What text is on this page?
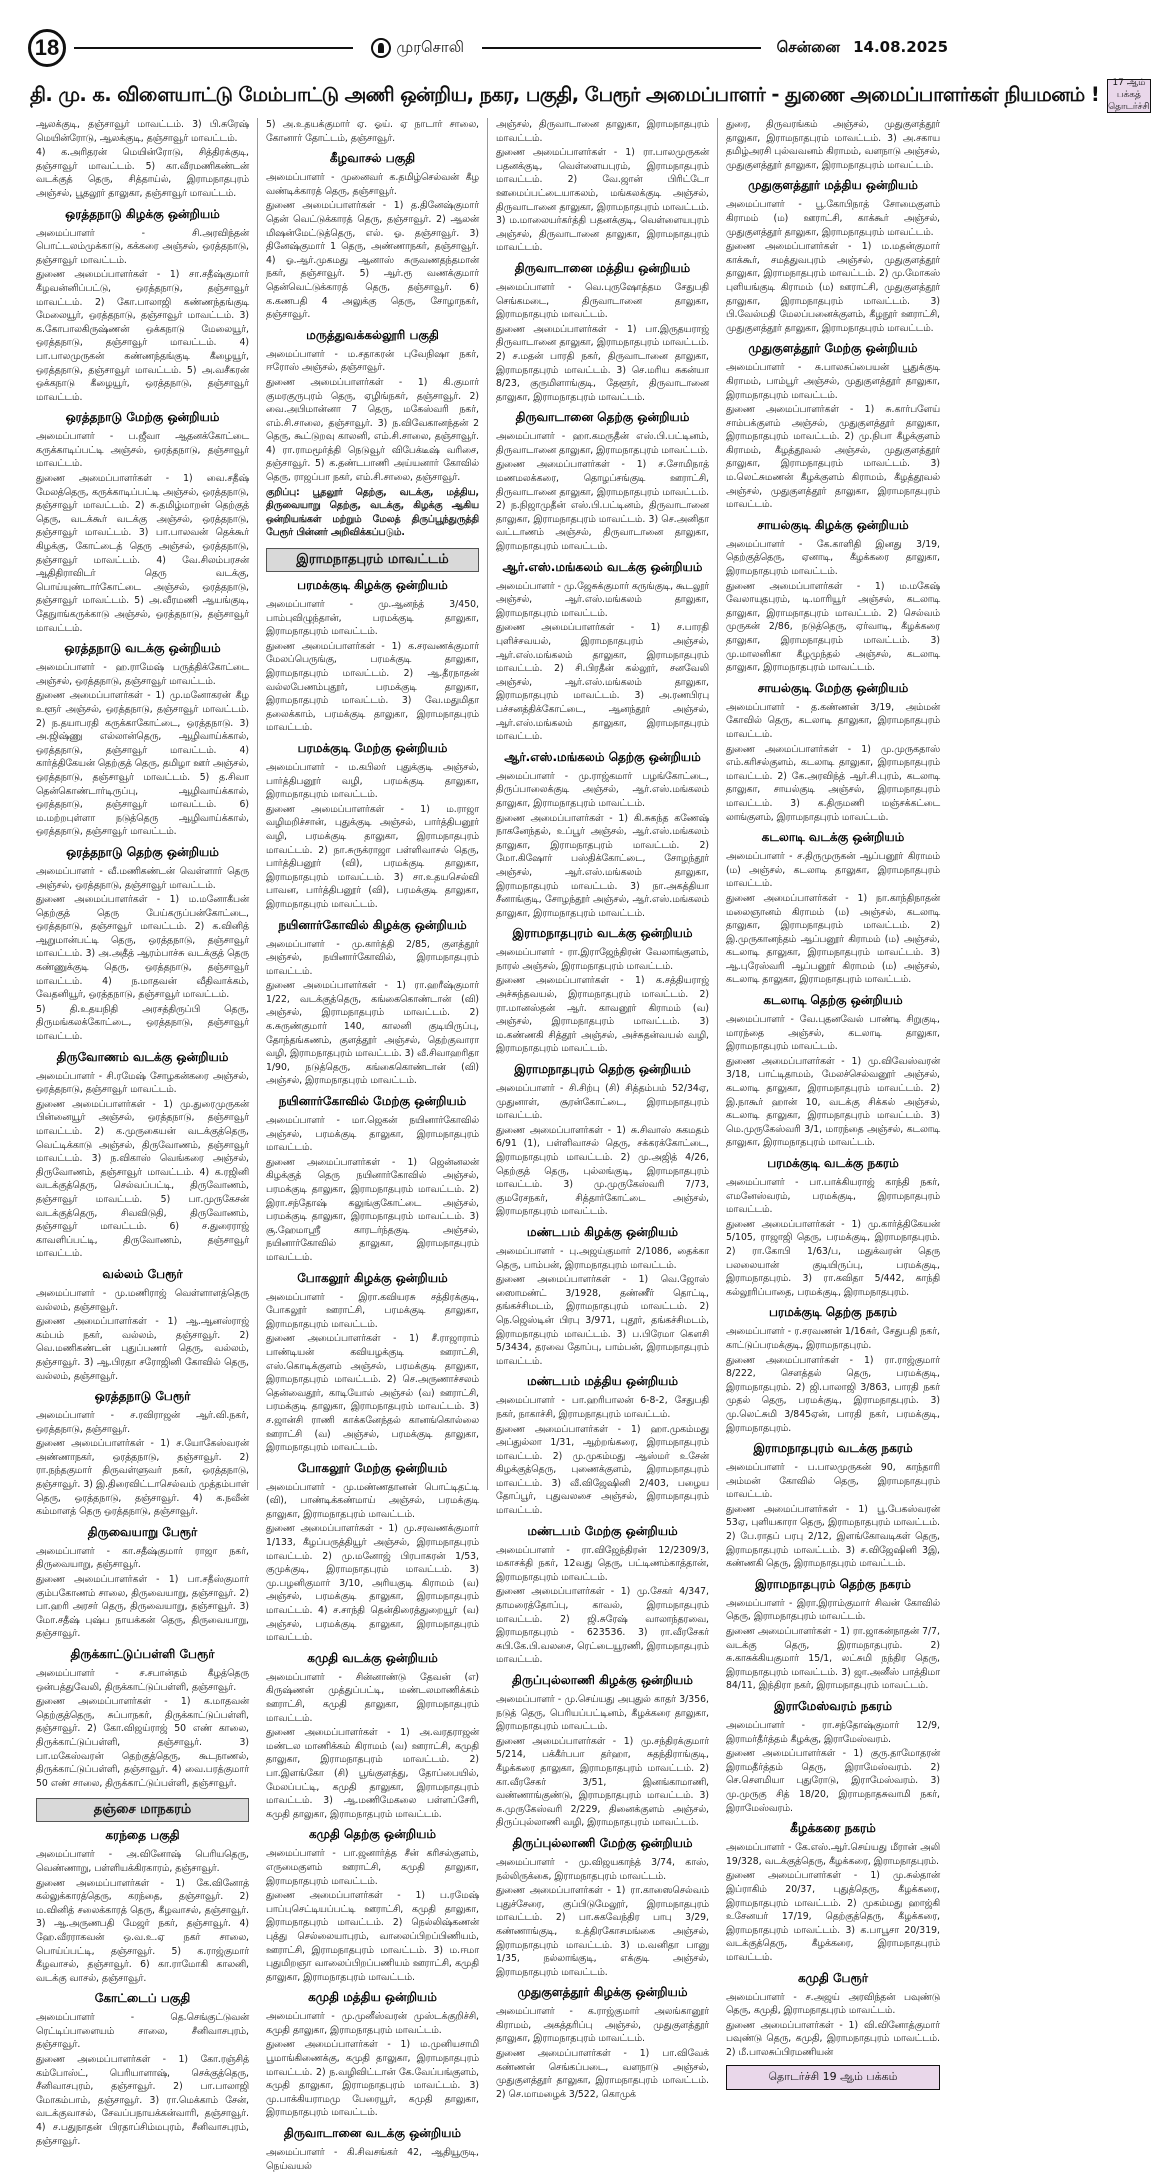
18	முரசொலி	சென்னை 14.08.2025
தி. மு. க. விளையாட்டு மேம்பாட்டு அணி ஒன்றிய, நகர, பகுதி, பேரூர் அமைப்பாளர் - துணை அமைப்பாளர்கள் நியமனம் !	17 ஆம் பக்கத்
தொடர்ச்சி
ஆலக்குடி, தஞ்சாவூர் மாவட்டம். 3) பி.சுரேஷ் மெயின்ரோடு, ஆலக்குடி, தஞ்சாவூர் மாவட்டம்.
4) க.அரிதரன் மெயின்ரோடு, சித்திரக்குடி, தஞ்சாவூர் மாவட்டம். 5) கா.வீரமணிகண்டன் வடக்குத் தெரு, சித்தாய்ல், இராமநாதபுரம் அஞ்சல், பூதலூர் தாலுகா, தஞ்சாவூர் மாவட்டம்.
ஒரத்தநாடு கிழக்கு ஒன்றியம்
அமைப்பாளர் - சி.அரவிந்தன் பொட்டலம்முக்காடு, கக்கரை அஞ்சல், ஒரத்தநாடு, தஞ்சாவூர் மாவட்டம்.
துணை அமைப்பாளர்கள் - 1) சா.சதீஷ்குமார் கீழவன்னிப்பட்டு, ஒரத்தநாடு, தஞ்சாவூர் மாவட்டம். 2) கோ.பாலாஜி கண்ணந்தங்குடி மேலையூர், ஒரத்தநாடு, தஞ்சாவூர் மாவட்டம். 3) க.கோபாலகிருஷ்ணன் ஒக்கநாடு மேலையூர், ஒரத்தநாடு, தஞ்சாவூர் மாவட்டம். 4) பா.பாலமுருகன் கண்ணந்தங்குடி கீழையூர், ஒரத்தநாடு, தஞ்சாவூர் மாவட்டம். 5) அ.வசீகரன் ஒக்கநாடு கீழையூர், ஒரத்தநாடு, தஞ்சாவூர் மாவட்டம்.
ஒரத்தநாடு மேற்கு ஒன்றியம்
அமைப்பாளர் - ப.ஜீவா ஆதனக்கோட்டை கருக்காடிப்பட்டி அஞ்சல், ஒரத்தநாடு, தஞ்சாவூர் மாவட்டம்.
துணை அமைப்பாளர்கள் - 1) வை.சதீஷ் மேலத்தெரு, கருக்காடிப்பட்டி அஞ்சல், ஒரத்தநாடு, தஞ்சாவூர் மாவட்டம். 2) சு.தமிழ்மாறன் தெற்குத் தெரு, வடக்கூர் வடக்கு அஞ்சல், ஒரத்தநாடு, தஞ்சாவூர் மாவட்டம். 3) பா.பாலவன் தெக்கூர் கிழக்கு, கோட்டைத் தெரு அஞ்சல், ஒரத்தநாடு, தஞ்சாவூர் மாவட்டம். 4) வே.சிலம்பரசன் ஆதிதிராவிடர் தெரு வடக்கு, பொய்யுண்டார்கோட்டை அஞ்சல், ஒரத்தநாடு, தஞ்சாவூர் மாவட்டம். 5) அ.வீரமணி ஆயங்குடி, தேநுாங்கருக்காடு அஞ்சல், ஒரத்தநாடு, தஞ்சாவூர் மாவட்டம்.
ஒரத்தநாடு வடக்கு ஒன்றியம்
அமைப்பாளர் - ஹ.ராமேஷ் பருத்திக்கோட்டை அஞ்சல், ஒரத்தநாடு, தஞ்சாவூர் மாவட்டம்.
துணை அமைப்பாளர்கள் - 1) மு.மனோகரன் கீழ உளூர் அஞ்சல், ஒரத்தநாடு, தஞ்சாவூர் மாவட்டம். 2) ந.தயாபரதி கருக்காகோட்டை, ஒரத்தநாடு. 3) அ.ஜிஷ்ணு எல்லான்தெரு, ஆழிவாய்க்கால், ஒரத்தநாடு, தஞ்சாவூர் மாவட்டம். 4) கார்த்திகேயன் தெற்குத் தெரு, தமிழா ஊர் அஞ்சல், ஒரத்தநாடு, தஞ்சாவூர் மாவட்டம். 5) த.சிவா தென்கொண்டார்டிருப்பு, ஆழிவாய்க்கால், ஒரத்தநாடு, தஞ்சாவூர் மாவட்டம். 6) ம.மற்றபுள்ளா நடுத்தெரு ஆழிவாய்க்கால், ஒரத்தநாடு, தஞ்சாவூர் மாவட்டம்.
ஒரத்தநாடு தெற்கு ஒன்றியம்
அமைப்பாளர் - வீ.மணிகண்டன் வெள்ளார் தெரு அஞ்சல், ஒரத்தநாடு, தஞ்சாவூர் மாவட்டம்.
துணை அமைப்பாளர்கள் - 1) ம.மனோகீபன் தெற்குத் தெரு பேய்கருப்பன்கோட்டை, ஒரத்தநாடு, தஞ்சாவூர் மாவட்டம். 2) க.வினித் ஆறுமான்பட்டி தெரு, ஒரத்தநாடு, தஞ்சாவூர் மாவட்டம். 3) அ.அதீத் ஆரம்பாச்சு வடக்குத் தெரு கண்ணுக்குடி தெரு, ஒரத்தநாடு, தஞ்சாவூர் மாவட்டம். 4) ந.மாதவன் வீதிவாக்கம், வேதனியூர், ஒரத்தநாடு, தஞ்சாவூர் மாவட்டம்.
5) தி.உதயநிதி அரசத்திருப்பி தெரு, திருமங்கலக்கோட்டை, ஒரத்தநாடு, தஞ்சாவூர் மாவட்டம்.
திருவோணம் வடக்கு ஒன்றியம்
அமைப்பாளர் - சி.ரமேஷ் சோழகன்கரை அஞ்சல், ஒரத்தநாடு, தஞ்சாவூர் மாவட்டம்.
துணை அமைப்பாளர்கள் - 1) மு.துரைமுருகன் பின்னையூர் அஞ்சல், ஒரத்தநாடு, தஞ்சாவூர் மாவட்டம். 2) க.முருகையன் வடக்குத்தெரு, வெட்டிக்காடு அஞ்சல், திருவோணம், தஞ்சாவூர் மாவட்டம். 3) ந.விகாஸ் வெங்கரை அஞ்சல், திருவோணம், தஞ்சாவூர் மாவட்டம். 4) க.ரஜினி வடக்குத்தெரு, செல்வப்பட்டி, திருவோணம், தஞ்சாவூர் மாவட்டம். 5) பா.முருகேசன் வடக்குத்தெரு, சிவவிடுதி, திருவோணம், தஞ்சாவூர் மாவட்டம். 6) ச.துரைராஜ் காவளிப்பட்டி, திருவோணம், தஞ்சாவூர் மாவட்டம்.
வல்லம் பேரூர்
அமைப்பாளர் - மு.மணிராஜ் வெள்ளாளத்தெரு வல்லம், தஞ்சாவூர்.
துணை அமைப்பாளர்கள் - 1) ஆ.ஆனஸ்ராஜ் கம்பம் நகர், வல்லம், தஞ்சாவூர். 2) வெ.மணிகண்டன் புதுப்பணா் தெரு, வல்லம், தஞ்சாவூர். 3) ஆ.பிரதா சரோஜினி கோவில் தெரு, வல்லம், தஞ்சாவூர்.
ஒரத்தநாடு பேரூர்
அமைப்பாளர் - ச.ரவிராஜன் ஆர்.வி.நகர், ஒரத்தநாடு, தஞ்சாவூர்.
துணை அமைப்பாளர்கள் - 1) ச.யோகேஸ்வரன் அண்ணாநகர், ஒரத்தநாடு, தஞ்சாவூர். 2) ரா.நந்தகுமார் திருவள்ளுவர் நகர், ஒரத்தநாடு, தஞ்சாவூர். 3) இ.திரைவிட்டாசெல்வம் முத்தம்பாள் தெரு, ஒரத்தநாடு, தஞ்சாவூர். 4) க.நவீன் கம்மாளத் தெரு ஒரத்தநாடு, தஞ்சாவூர்.
திருவையாறு பேரூர்
அமைப்பாளர் - கா.சதீஷ்குமார் ராஜா நகர், திருவையாறு, தஞ்சாவூர்.
துணை அமைப்பாளர்கள் - 1) பா.சதீஸ்குமார் கும்பகோணம் சாலை, திருவையாறு, தஞ்சாவூர். 2) பா.ஹரி அரசர் தெரு, திருவையாறு, தஞ்சாவூர். 3) மோ.சதீஷ் புஷ்ப நாயக்கன் தெரு, திருவையாறு, தஞ்சாவூர்.
திருக்காட்டுப்பள்ளி பேரூர்
அமைப்பாளர் - ச.சபான்தம் கீழத்தெரு ஒன்பத்துவேலி, திருக்காட்டுப்பள்ளி, தஞ்சாவூர்.
துணை அமைப்பாளர்கள் - 1) க.மாதவன் தெற்குத்தெரு, சுப்பாநகர், திருக்காட்டுப்பள்ளி, தஞ்சாவூர். 2) கோ.விஜய்ராஜ் 50 எண் காலை, திருக்காட்டுப்பள்ளி, தஞ்சாவூர். 3) பா.மகேஸ்வரன் தெற்குத்தெரு, கூடநாணல், திருக்காட்டுப்பள்ளி, தஞ்சாவூர். 4) வை.பரத்குமார் 50 எண் சாலை, திருக்காட்டுப்பள்ளி, தஞ்சாவூர்.
தஞ்சை மாநகரம்
கரந்தை பகுதி
அமைப்பாளர் - அ.வினோஷ் பெரியதெரு, வெண்ணாறு, பள்ளியக்கிரகாரம், தஞ்சாவூர்.
துணை அமைப்பாளர்கள் - 1) கே.வினோத் கல்லுக்காரத்தெரு, கரந்தை, தஞ்சாவூர். 2) ம.வினித் சலைக்காரத் தெரு, கீழவாசல், தஞ்சாவூர். 3) ஆ.அருணபதி மேஜர் நகர், தஞ்சாவூர். 4) ஹே.வீரராகவன் ஒ.வ.உ.ஏ நகர் சாலை, பொய்ப்பட்டி, தஞ்சாவூர். 5) க.ராஜ்குமார் கீழவாசல், தஞ்சாவூர். 6) கா.ராமோகி காலனி, வடக்கு வாசல், தஞ்சாவூர்.
கோட்டைப் பகுதி
அமைப்பாளர் - தெ.செங்குட்டுவன் ரெட்டிப்பாளையம் சாலை, சீனிவாசபுரம், தஞ்சாவூர்.
துணை அமைப்பாளர்கள் - 1) கோ.ரஞ்சித் கம்போஸ்ட், பெரியாளாஷ், செக்குத்தெரு, சீனிவாசபுரம், தஞ்சாவூர். 2) பா.பாலாஜி மோகம்பாம், தஞ்சாவூர். 3) ரா.மெக்காம் சேன், வடக்குவாசல், சேவப்பநாயக்கன்வாரி, தஞ்சாவூர். 4) ச.பதுநாதன் பிரதாப்சிம்மபுரம், சீனிவாசபுரம், தஞ்சாவூர்.
5) அ.உதயக்குமார் ஏ. ஓய். ஏ நாடார் சாலை, கோனார் தோட்டம், தஞ்சாவூர்.
கீழவாசல் பகுதி
அமைப்பாளர் - முனைவர் க.தமிழ்செல்வன் கீழ வண்டிக்காரத் தெரு, தஞ்சாவூர்.
துணை அமைப்பாளர்கள் - 1) த.தினேஷ்குமார் தென் வெட்டுக்காரத் தெரு, தஞ்சாவூர். 2) ஆலன் மிஷன்மேட்டுத்தெரு, எல். ஓ. தஞ்சாவூர். 3) தினேஷ்குமார் 1 தெரு, அண்ணாநகர், தஞ்சாவூர். 4) ஓ.ஆர்.முகமது ஆனாஸ் சுருவணதந்தமான் நகர், தஞ்சாவூர். 5) ஆர்.ரூ வணக்குமார் தென்வெட்டுக்காரத் தெரு, தஞ்சாவூர். 6) க.கணபதி 4 அலுக்கு தெரு, சோழாநகர், தஞ்சாவூர்.
மருத்துவக்கல்லூரி பகுதி
அமைப்பாளர் - ம.சதாகரன் புவேநிஷா நகர், ஈரோஸ் அஞ்சல், தஞ்சாவூர்.
துணை அமைப்பாளர்கள் - 1) கி.குமார் குமரகுருபுரம் தெரு, ஏழிங்நகர், தஞ்சாவூர். 2) வை.அபிமான்னா 7 தெரு, மகேஸ்வரி நகர், எம்.சி.சாலை, தஞ்சாவூர். 3) ந.விவேகானந்தன் 2 தெரு, கூட்டுறவு காலனி, எம்.சி.சாலை, தஞ்சாவூர். 4) ரா.ராமமூர்த்தி நெடுவூர் விபேக்டீஷ் வரிசை, தஞ்சாவூர். 5) க.தண்டபாணி அய்யனார் கோவில் தெரு, ராஜப்பா நகர், எம்.சி.சாலை, தஞ்சாவூர்.
குறிப்பு: பூதலூர் தெற்கு, வடக்கு, மத்திய, திருவையாறு தெற்கு, வடக்கு, கிழக்கு ஆகிய ஒன்றியங்கள் மற்றும் மேலத் திருப்பூந்துருத்தி பேரூர் பின்னர் அறிவிக்கப்படும்.
இராமநாதபுரம் மாவட்டம்
பரமக்குடி கிழக்கு ஒன்றியம்
அமைப்பாளர் - மு.ஆனந்த் 3/450, பாம்புவிழுந்தான், பரமக்குடி தாலுகா, இராமநாதபுரம் மாவட்டம்.
துணை அமைப்பாளர்கள் - 1) க.சரவணக்குமார் மேலப்பெருங்கு, பரமக்குடி தாலுகா, இராமநாதபுரம் மாவட்டம். 2) ஆ.தீரநாதன் வல்லபேணம்புதூர், பரமக்குடி தாலுகா, இராமநாதபுரம் மாவட்டம். 3) வே.மதுமிதா தலைக்காம், பரமக்குடி தாலுகா, இராமநாதபுரம் மாவட்டம்.
பரமக்குடி மேற்கு ஒன்றியம்
அமைப்பாளர் - ம.கபிலர் புதுக்குடி அஞ்சல், பார்த்திபனூர் வழி, பரமக்குடி தாலுகா, இராமநாதபுரம் மாவட்டம்.
துணை அமைப்பாளர்கள் - 1) ம.ராஜா வழிமறிச்சான், புதுக்குடி அஞ்சல், பார்த்திபனூர் வழி, பரமக்குடி தாலுகா, இராமநாதபுரம் மாவட்டம். 2) நா.சுருக்ராஜா பள்ளிவாசல் தெரு, பார்த்திபனூர் (வி), பரமக்குடி தாலுகா, இராமநாதபுரம் மாவட்டம். 3) சா.உதயசெல்வி பாவன, பார்த்திபனூர் (வி), பரமக்குடி தாலுகா, இராமநாதபுரம் மாவட்டம்.
நயினார்கோவில் கிழக்கு ஒன்றியம்
அமைப்பாளர் - மு.கார்த்தி 2/85, குளத்தூர் அஞ்சல், நயினார்கோவில், இராமநாதபுரம் மாவட்டம்.
துணை அமைப்பாளர்கள் - 1) ரா.ஹரீஷ்குமார் 1/22, வடக்குத்தெரு, கங்கைகொண்டான் (வி) அஞ்சல், இராமநாதபுரம் மாவட்டம். 2) க.சுருண்குமார் 140, காலனி குடியிருப்பு, தோந்தங்கணம், குளத்தூர் அஞ்சல், தெற்குவாரா வழி, இராமநாதபுரம் மாவட்டம். 3) வீ.சிவாஹரிதா 1/90, நடுத்தெரு, கங்கைகொண்டான் (வி) அஞ்சல், இராமநாதபுரம் மாவட்டம்.
நயினார்கோவில் மேற்கு ஒன்றியம்
அமைப்பாளர் - மா.ஜெகன் நயினார்கோவில் அஞ்சல், பரமக்குடி தாலுகா, இராமநாதபுரம் மாவட்டம்.
துணை அமைப்பாளர்கள் - 1) ஜென்னலன் கிழக்குத் தெரு நயினார்கோவில் அஞ்சல், பரமக்குடி தாலுகா, இராமநாதபுரம் மாவட்டம். 2) இரா.சந்தோஷ் கலுங்குகோட்டை அஞ்சல், பரமக்குடி தாலுகா, இராமநாதபுரம் மாவட்டம். 3) சூ.ஹேமாஸ்ரீ காரடர்ந்தகுடி அஞ்சல், நயினார்கோவில் தாலுகா, இராமநாதபுரம் மாவட்டம்.
போகலூர் கிழக்கு ஒன்றியம்
அமைப்பாளர் - இரா.கவியரசு சத்திரக்குடி, போகலூர் ஊராட்சி, பரமக்குடி தாலுகா, இராமநாதபுரம் மாவட்டம்.
துணை அமைப்பாளர்கள் - 1) சீ.ராஜாராம் பாண்டியன் கவியழக்குடி ஊராட்சி, எஸ்.கொடிக்குளம் அஞ்சல், பரமக்குடி தாலுகா, இராமநாதபுரம் மாவட்டம். 2) செ.அருணாச்சலம் தென்வைதூர், காடியோல் அஞ்சல் (வ) ஊராட்சி, பரமக்குடி தாலுகா, இராமநாதபுரம் மாவட்டம். 3) ச.ஜான்சி ராணி காக்கனேந்தல் கானங்கொல்லை ஊராட்சி (வ) அஞ்சல், பரமக்குடி தாலுகா, இராமநாதபுரம் மாவட்டம்.
போகலூர் மேற்கு ஒன்றியம்
அமைப்பாளர் - மு.மண்ணதானன் பொட்டிதட்டி (வி), பாண்டிக்கண்மாய் அஞ்சல், பரமக்குடி தாலுகா, இராமநாதபுரம் மாவட்டம்.
துணை அமைப்பாளர்கள் - 1) மு.சரவணக்குமார் 1/133, கீழப்பருத்தியூர் அஞ்சல், இராமநாதபுரம் மாவட்டம். 2) மு.மனோஜ் பிரபாகரன் 1/53, குமுக்குடி, இராமநாதபுரம் மாவட்டம். 3) மு.பழனிகுமார் 3/10, அரியகுடி கிராமம் (வ) அஞ்சல், பரமக்குடி தாலுகா, இராமநாதபுரம் மாவட்டம். 4) ச.சாந்தி தென்திரைத்துறையூர் (வ) அஞ்சல், பரமக்குடி தாலுகா, இராமநாதபுரம் மாவட்டம்.
கமுதி வடக்கு ஒன்றியம்
அமைப்பாளர் - சின்னாண்டு தேவன் (எ) கிருஷ்ணன் முத்துப்பட்டி, மண்டலமாணிக்கம் ஊராட்சி, கமுதி தாலுகா, இராமநாதபுரம் மாவட்டம்.
துணை அமைப்பாளர்கள் - 1) அ.வரதராஜன் மண்டல மாணிக்கம் கிராமம் (வ) ஊராட்சி, கமுதி தாலுகா, இராமநாதபுரம் மாவட்டம். 2) பா.இளங்கோ (சி) பூங்குளத்து, தோப்பையில், மேலப்பட்டி, கமுதி தாலுகா, இராமநாதபுரம் மாவட்டம். 3) ஆ.மணிமேகலை பள்ளப்சேரி, கமுதி தாலுகா, இராமநாதபுரம் மாவட்டம்.
கமுதி தெற்கு ஒன்றியம்
அமைப்பாளர் - பா.ஜனார்த்த சீன் கரிசல்குளம், எருமைகுளம் ஊராட்சி, கமுதி தாலுகா, இராமநாதபுரம் மாவட்டம்.
துணை அமைப்பாளர்கள் - 1) ப.ரமேஷ் பாப்புசெட்டியப்பட்டி ஊராட்சி, கமுதி தாலுகா, இராமநாதபுரம் மாவட்டம். 2) நெல்லிஷ்கணன் புத்து செல்லையாபுரம், வாலைப்பிறப்பிணியம், ஊராட்சி, இராமநாதபுரம் மாவட்டம். 3) ம.ஈமா புதுமிறஞா வாலைப்பிறப்பணியம் ஊராட்சி, கமுதி தாலுகா, இராமநாதபுரம் மாவட்டம்.
கமுதி மத்திய ஒன்றியம்
அமைப்பாளர் - மு.முனீஸ்வரன் முஸ்டக்குறிச்சி, கமுதி தாலுகா, இராமநாதபுரம் மாவட்டம்.
துணை அமைப்பாளர்கள் - 1) ம.முனியசாமி பூமாங்கிணைக்கு, கமுதி தாலுகா, இராமநாதபுரம் மாவட்டம். 2) ந.வழிவிட்டான் கே.வேப்பங்குளம், கமுதி தாலுகா, இராமநாதபுரம் மாவட்டம். 3) மு.பாக்கியராமமு பேரையூர், கமுதி தாலுகா, இராமநாதபுரம் மாவட்டம்.
திருவாடானை வடக்கு ஒன்றியம்
அமைப்பாளர் - கி.சிவசங்கர் 42, ஆதியூருடி, நெய்வயல்
அஞ்சல், திருவாடானை தாலுகா, இராமநாதபுரம் மாவட்டம்.
துணை அமைப்பாளர்கள் - 1) ரா.பாலமுருகன் பதனக்குடி, வெள்ளையபுரம், இராமநாதபுரம் மாவட்டம். 2) வே.ஜான் பிரிட்டோ ஊமைப்பட்டையாகலம், மங்கலக்குடி அஞ்சல், திருவாடானை தாலுகா, இராமநாதபுரம் மாவட்டம். 3) ம.மாலையர்கர்த்தி பதனக்குடி, வெள்ளையபுரம் அஞ்சல், திருவாடானை தாலுகா, இராமநாதபுரம் மாவட்டம்.
திருவாடானை மத்திய ஒன்றியம்
அமைப்பாளர் - வெ.புருஷோத்தம சேதுபதி செங்கமடை, திருவாடானை தாலுகா, இராமநாதபுரம் மாவட்டம்.
துணை அமைப்பாளர்கள் - 1) பா.இருதயராஜ் திருவாடானை தாலுகா, இராமநாதபுரம் மாவட்டம். 2) ச.மதன் பாரதி நகர், திருவாடானை தாலுகா, இராமநாதபுரம் மாவட்டம். 3) செ.மரிய சுகன்யா 8/23, குருமிளாங்குடி, தேளூர், திருவாடானை தாலுகா, இராமநாதபுரம் மாவட்டம்.
திருவாடானை தெற்கு ஒன்றியம்
அமைப்பாளர் - ஹா.கமருதீன் எஸ்.பி.பட்டினம், திருவாடானை தாலுகா, இராமநாதபுரம் மாவட்டம்.
துணை அமைப்பாளர்கள் - 1) ச.சோமிநாத் மணமலக்கரை, தொழப்சங்குடி ஊராட்சி, திருவாடானை தாலுகா, இராமநாதபுரம் மாவட்டம். 2) ந.நிஜாமுதீன் எஸ்.பி.பட்டினம், திருவாடானை தாலுகா, இராமநாதபுரம் மாவட்டம். 3) செ.அனிதா வட்டாணம் அஞ்சல், திருவாடானை தாலுகா, இராமநாதபுரம் மாவட்டம்.
ஆர்.எஸ்.மங்கலம் வடக்கு ஒன்றியம்
அமைப்பாளர் - மு.ஜேசுக்குமார் கருங்குடி, கூடலூர் அஞ்சல், ஆர்.எஸ்.மங்கலம் தாலுகா, இராமநாதபுரம் மாவட்டம்.
துணை அமைப்பாளர்கள் - 1) ச.பாரதி புளிச்சவயல், இராமநாதபுரம் அஞ்சல், ஆர்.எஸ்.மங்கலம் தாலுகா, இராமநாதபுரம் மாவட்டம். 2) சி.பிரதீன் கல்லூர், சனவேலி அஞ்சல், ஆர்.எஸ்.மங்கலம் தாலுகா, இராமநாதபுரம் மாவட்டம். 3) அ.ரணபிரபு பச்சனத்திக்கோட்டை, ஆனந்தூர் அஞ்சல், ஆர்.எஸ்.மங்கலம் தாலுகா, இராமநாதபுரம் மாவட்டம்.
ஆர்.எஸ்.மங்கலம் தெற்கு ஒன்றியம்
அமைப்பாளர் - மு.ராஜ்கமார் பழங்கோட்டை, திருப்பாலைக்குடி அஞ்சல், ஆர்.எஸ்.மங்கலம் தாலுகா, இராமநாதபுரம் மாவட்டம்.
துணை அமைப்பாளர்கள் - 1) கி.சுகந்த கணேஷ் நாகனேந்தல், உப்பூர் அஞ்சல், ஆர்.எஸ்.மங்கலம் தாலுகா, இராமநாதபுரம் மாவட்டம். 2) மோ.கிஷோர் பஸ்திக்கோட்டை, சோழந்தூர் அஞ்சல், ஆர்.எஸ்.மங்கலம் தாலுகா, இராமநாதபுரம் மாவட்டம். 3) நா.அகத்தியா சீனாங்குடி, சோழந்தூர் அஞ்சல், ஆர்.எஸ்.மங்கலம் தாலுகா, இராமநாதபுரம் மாவட்டம்.
இராமநாதபுரம் வடக்கு ஒன்றியம்
அமைப்பாளர் - ரா.இராஜேந்திரன் வேலாங்குளம், நாரல் அஞ்சல், இராமநாதபுரம் மாவட்டம்.
துணை அமைப்பாளர்கள் - 1) க.சத்தியராஜ் அச்சுந்தவயல், இராமநாதபுரம் மாவட்டம். 2) ரா.மானஸ்தன் ஆர். காவனூர் கிராமம் (வ) அஞ்சல், இராமநாதபுரம் மாவட்டம். 3) ம.கண்ணகி சித்தூர் அஞ்சல், அச்சுதன்வயல் வழி, இராமநாதபுரம் மாவட்டம்.
இராமநாதபுரம் தெற்கு ஒன்றியம்
அமைப்பாளர் - சி.சிற்பு (சி) சித்தம்பம் 52/34ஏ, முதுனாள், சூரன்கோட்டை, இராமநாதபுரம் மாவட்டம்.
துணை அமைப்பாளர்கள் - 1) சு.சிவாஸ் சுகமதம் 6/91 (1), பள்ளிவாசல் தெரு, சக்கரக்கோட்டை, இராமநாதபுரம் மாவட்டம். 2) மு.அஜித் 4/26, தெற்குத் தெரு, புல்லங்குடி, இராமநாதபுரம் மாவட்டம். 3) மு.முருகேஸ்வரி 7/73, குமரேசநகர், சித்தார்கோட்டை அஞ்சல், இராமநாதபுரம் மாவட்டம்.
மண்டபம் கிழக்கு ஒன்றியம்
அமைப்பாளர் - பு.அஜய்குமார் 2/1086, தைக்கா தெரு, பாம்பன், இராமநாதபுரம் மாவட்டம்.
துணை அமைப்பாளர்கள் - 1) வெ.ஜோஸ் ஸைாமண்ட் 3/1928, தண்ணீர் தொட்டி, தங்கச்சிமடம், இராமநாதபுரம் மாவட்டம். 2) நெ.ஜெஸ்டின் பிரபு 3/971, புதூர், தங்கச்சிமடம், இராமநாதபுரம் மாவட்டம். 3) ப.பிரேமா கௌசி 5/3434, தரவை தோப்பு, பாம்பன், இராமநாதபுரம் மாவட்டம்.
மண்டபம் மத்திய ஒன்றியம்
அமைப்பாளர் - பா.ஹரிபாலன் 6-8-2, சேதுபதி நகர், நாகாச்சி, இராமநாதபுரம் மாவட்டம்.
துணை அமைப்பாளர்கள் - 1) ஹா.முகம்மது அப்துல்லா 1/31, ஆற்றங்கரை, இராமநாதபுரம் மாவட்டம். 2) மு.முகம்மது ஆஸ்மர் உசேன் கிழக்குத்தெரு, புணைக்குளம், இராமநாதபுரம் மாவட்டம். 3) வீ.விஜேஷினி 2/403, பழைய தோப்பூர், புதுவலசை அஞ்சல், இராமநாதபுரம் மாவட்டம்.
மண்டபம் மேற்கு ஒன்றியம்
அமைப்பாளர் - ரா.விஜேந்திரன் 12/2309/3, மகாசக்தி நகர், 12வது தெரு, பட்டிணம்காத்தான், இராமநாதபுரம் மாவட்டம்.
துணை அமைப்பாளர்கள் - 1) மு.சேகர் 4/347, தாமரைத்தோப்பு, காவல், இராமநாதபுரம் மாவட்டம். 2) ஜி.சுரேஷ் வாலாந்தரவை, இராமநாதபுரம் - 623536. 3) ரா.வீரசேகர் சுபி.கே.பி.வலசை, ரெட்டையூரணி, இராமநாதபுரம் மாவட்டம்.
திருப்புல்லாணி கிழக்கு ஒன்றியம்
அமைப்பாளர் - மு.செய்யது அபுதுல் காதர் 3/356, நடுத் தெரு, பெரியப்பட்டினம், கீழக்கரை தாலுகா, இராமநாதபுரம் மாவட்டம்.
துணை அமைப்பாளர்கள் - 1) மு.சந்திரக்குமார் 5/214, பக்கீர்பபா தர்ஹா, சுதந்திராங்குடி, கீழக்கரை தாலுகா, இராமநாதபுரம் மாவட்டம். 2) கா.வீரசேகர் 3/51, இனங்காமாணி, வண்ணாங்குண்டு, இராமநாதபுரம் மாவட்டம். 3) சு.முருகேஸ்வரி 2/229, தினைக்குளம் அஞ்சல், திருப்புல்லாணி வழி, இராமநாதபுரம் மாவட்டம்.
திருப்புல்லாணி மேற்கு ஒன்றியம்
அமைப்பாளர் - மு.விஜயகாந்த் 3/74, காஸ், நல்லிருக்கை, இராமநாதபுரம் மாவட்டம்.
துணை அமைப்பாளர்கள் - 1) ரா.காஸைசெல்வம் புதுச்சேரை, குப்பிடுமேலூர், இராமநாதபுரம் மாவட்டம். 2) பா.சுகவேந்திர பாபு 3/29, கண்ணாங்குடி, உத்திரகோசமங்கை அஞ்சல், இராமநாதபுரம் மாவட்டம். 3) ம.வனிதா பானு 1/35, நல்லாங்குடி, எக்குடி அஞ்சல், இராமநாதபுரம் மாவட்டம்.
முதுகுளத்தூர் கிழக்கு ஒன்றியம்
அமைப்பாளர் - க.ராஜ்குமார் அலங்கானூர் கிராமம், அகத்தரிப்பு அஞ்சல், முதுகுளத்தூர் தாலுகா, இராமநாதபுரம் மாவட்டம்.
துணை அமைப்பாளர்கள் - 1) பா.விவேக் கண்ணன் செங்கப்படை, வளநாடு அஞ்சல், முதுகுளத்தூர் தாலுகா, இராமநாதபுரம் மாவட்டம். 2) செ.மாமழைக் 3/522, கொமுக்
துரை, திருவரங்கம் அஞ்சல், முதுகுளத்தூர் தாலுகா, இராமநாதபுரம் மாவட்டம். 3) அ.சகாய தமிழ்அரசி புல்வவனம் கிராமம், வளநாடு அஞ்சல், முதுகுளத்தூர் தாலுகா, இராமநாதபுரம் மாவட்டம்.
முதுகுளத்தூர் மத்திய ஒன்றியம்
அமைப்பாளர் - பூ.கோபிநாத் சோமைகுளம் கிராமம் (ம) ஊராட்சி, காக்கூர் அஞ்சல், முதுகுளத்தூர் தாலுகா, இராமநாதபுரம் மாவட்டம்.
துணை அமைப்பாளர்கள் - 1) ம.மதன்குமார் காக்கூர், சமத்துவபுரம் அஞ்சல், முதுகுளத்தூர் தாலுகா, இராமநாதபுரம் மாவட்டம். 2) மு.மோகஸ் புளியங்குடி கிராமம் (ம) ஊராட்சி, முதுகுளத்தூர் தாலுகா, இராமநாதபுரம் மாவட்டம். 3) பி.வேல்மதி மேலப்பனைக்குளம், கீழநூர் ஊராட்சி, முதுகுளத்தூர் தாலுகா, இராமநாதபுரம் மாவட்டம்.
முதுகுளத்தூர் மேற்கு ஒன்றியம்
அமைப்பாளர் - சு.பாலசுப்பையன் பூதுக்குடி கிராமம், பாம்பூர் அஞ்சல், முதுகுளத்தூர் தாலுகா, இராமநாதபுரம் மாவட்டம்.
துணை அமைப்பாளர்கள் - 1) சு.கார்பளேய் சாம்பக்குளம் அஞ்சல், முதுகுளத்தூர் தாலுகா, இராமநாதபுரம் மாவட்டம். 2) மு.நிபா கீழக்குளம் கிராமம், கீழத்தூவல் அஞ்சல், முதுகுளத்தூர் தாலுகா, இராமநாதபுரம் மாவட்டம். 3) ம.லெட்சுமணன் கீழக்குளம் கிராமம், கீழத்தூவல் அஞ்சல், முதுகுளத்தூர் தாலுகா, இராமநாதபுரம் மாவட்டம்.
சாயல்குடி கிழக்கு ஒன்றியம்
அமைப்பாளர் - கே.காளிதி இனது 3/19, தெற்குத்தெரு, ஏனாடி, கீழக்கரை தாலுகா, இராமநாதபுரம் மாவட்டம்.
துணை அமைப்பாளர்கள் - 1) ம.மகேஷ் வேலாயுதபுரம், டி.மாரியூர் அஞ்சல், கடலாடி தாலுகா, இராமநாதபுரம் மாவட்டம். 2) செல்வம் முருகன் 2/86, நடுத்தெரு, ஏர்வாடி, கீழக்கரை தாலுகா, இராமநாதபுரம் மாவட்டம். 3) மு.மாலனிகா கீழமுந்தல் அஞ்சல், கடலாடி தாலுகா, இராமநாதபுரம் மாவட்டம்.
சாயல்குடி மேற்கு ஒன்றியம்
அமைப்பாளர் - த.கண்ணன் 3/19, அம்மன் கோவில் தெரு, கடலாடி தாலுகா, இராமநாதபுரம் மாவட்டம்.
துணை அமைப்பாளர்கள் - 1) மு.முருகதாஸ் எம்.கரிசல்குளம், கடலாடி தாலுகா, இராமநாதபுரம் மாவட்டம். 2) கே.அரவிந்த் ஆர்.சி.புரம், கடலாடி தாலுகா, சாயல்குடி அஞ்சல், இராமநாதபுரம் மாவட்டம். 3) க.திருமணி மஞ்சக்கட்டை லாங்குளம், இராமநாதபுரம் மாவட்டம்.
கடலாடி வடக்கு ஒன்றியம்
அமைப்பாளர் - ச.திருமுருகன் ஆப்பனூர் கிராமம் (ம) அஞ்சல், கடலாடி தாலுகா, இராமநாதபுரம் மாவட்டம்.
துணை அமைப்பாளர்கள் - 1) நா.காந்திநாதன் மலைஞானம் கிராமம் (ம) அஞ்சல், கடலாடி தாலுகா, இராமநாதபுரம் மாவட்டம். 2) இ.முருகானந்தம் ஆப்பனூர் கிராமம் (ம) அஞ்சல், கடலாடி தாலுகா, இராமநாதபுரம் மாவட்டம். 3) ஆ.புரேஸ்வரி ஆப்பனூர் கிராமம் (ம) அஞ்சல், கடலாடி தாலுகா, இராமநாதபுரம் மாவட்டம்.
கடலாடி தெற்கு ஒன்றியம்
அமைப்பாளர் - வே.புதனவேல் பாண்டி சிறுகுடி, மாரந்தை அஞ்சல், கடலாடி தாலுகா, இராமநாதபுரம் மாவட்டம்.
துணை அமைப்பாளர்கள் - 1) மு.விவேஸ்வரன் 3/18, பாட்டிதாமம், மேலச்செல்வனூர் அஞ்சல், கடலாடி தாலுகா, இராமநாதபுரம் மாவட்டம். 2) இ.நாகூர் ஹான் 10, வடக்கு சிக்கல் அஞ்சல், கடலாடி தாலுகா, இராமநாதபுரம் மாவட்டம். 3) மெ.முருகேஸ்வரி 3/1, மாரந்தை அஞ்சல், கடலாடி தாலுகா, இராமநாதபுரம் மாவட்டம்.
பரமக்குடி வடக்கு நகரம்
அமைப்பாளர் - பா.பாக்கியராஜ் காந்தி நகர், எமனேஸ்வரம், பரமக்குடி, இராமநாதபுரம் மாவட்டம்.
துணை அமைப்பாளர்கள் - 1) மு.கார்த்திகேயன் 5/105, ராஜாஜி தெரு, பரமக்குடி, இராமநாதபுரம். 2) ரா.கோபி 1/63/ப, மதுக்வரன் தெரு பலலையான் குடியிருப்பு, பரமக்குடி, இராமநாதபுரம். 3) ரா.கவிதா 5/442, காந்தி கல்லூரிப்பாதை, பரமக்குடி, இராமநாதபுரம்.
பரமக்குடி தெற்கு நகரம்
அமைப்பாளர் - ர.சரவணன் 1/16சுர், சேதுபதி நகர், காட்டுப்பரமக்குடி, இராமநாதபுரம்.
துணை அமைப்பாளர்கள் - 1) ரா.ராஜ்குமார் 8/222, சௌத்தல் தெரு, பரமக்குடி, இராமநாதபுரம். 2) ஜி.பாலாஜி 3/863, பாரதி நகர் முதல் தெரு, பரமக்குடி, இராமநாதபுரம். 3) மு.லெட்சுமி 3/845ஏன், பாரதி நகர், பரமக்குடி, இராமநாதபுரம்.
இராமநாதபுரம் வடக்கு நகரம்
அமைப்பாளர் - ப.பாலமுருகன் 90, காந்தாரி அம்மன் கோவில் தெரு, இராமநாதபுரம் மாவட்டம்.
துணை அமைப்பாளர்கள் - 1) பூ.பேகஸ்வரன் 53ஏ, புளியகாரா தெரு, இராமநாதபுரம் மாவட்டம். 2) பே.ராதப் பரபு 2/12, இளங்கோவடிகள் தெரு, இராமநாதபுரம் மாவட்டம். 3) ச.விஜேஷினி 3இ, கண்ணகி தெரு, இராமநாதபுரம் மாவட்டம்.
இராமநாதபுரம் தெற்கு நகரம்
அமைப்பாளர் - இரா.இராம்குமார் சிவன் கோவில் தெரு, இராமநாதபுரம் மாவட்டம்.
துணை அமைப்பாளர்கள் - 1) ரா.ஜாகன்நாதன் 7/7, வடக்கு தெரு, இராமநாதபுரம். 2) சு.காசுக்கியகுமார் 15/1, லட்சுமி நந்திர தெரு, இராமநாதபுரம் மாவட்டம். 3) ஜா.அனீஸ் பாத்திமா 84/11, இந்திரா நகர், இராமநாதபுரம் மாவட்டம்.
இராமேஸ்வரம் நகரம்
அமைப்பாளர் - ரா.சந்தோஷ்குமார் 12/9, இராமர்தீர்த்தம் கீழக்கு, இராமேஸ்வரம்.
துணை அமைப்பாளர்கள் - 1) குரு.தாமோதரன் இராமதீர்த்தம் தெரு, இராமேஸ்வரம். 2) செ.சௌமியா புதுரோடு, இராமேஸ்வரம். 3) மு.முருகு சித் 18/20, இராமநாதசுவாமி நகர், இராமேஸ்வரம்.
கீழக்கரை நகரம்
அமைப்பாளர் - கே.எஸ்.ஆர்.செய்யது மீரான் அலி 19/328, வடக்குத்தெரு, கீழக்கரை, இராமநாதபுரம்.
துணை அமைப்பாளர்கள் - 1) மு.சுல்தான் இப்ராகிம் 20/37, புதுத்தெரு, கீழக்கரை, இராமநாதபுரம் மாவட்டம். 2) முகம்மது ஹாஜ்கி உசேனயர் 17/19, தெற்குத்தெரு, கீழக்கரை, இராமநாதபுரம் மாவட்டம். 3) க.பாபூசா 20/319, வடக்குத்தெரு, கீழக்கரை, இராமநாதபுரம் மாவட்டம்.
கமுதி பேரூர்
அமைப்பாளர் - ச.அஜய் அரவிந்தன் பவுண்டு தெரு, கமுதி, இராமநாதபுரம் மாவட்டம்.
துணை அமைப்பாளர்கள் - 1) வி.வினோத்குமார் பவுண்டு தெரு, கமுதி, இராமநாதபுரம் மாவட்டம். 2) மீ.பாலசுப்பிரமணியன்
தொடர்ச்சி 19 ஆம் பக்கம்
